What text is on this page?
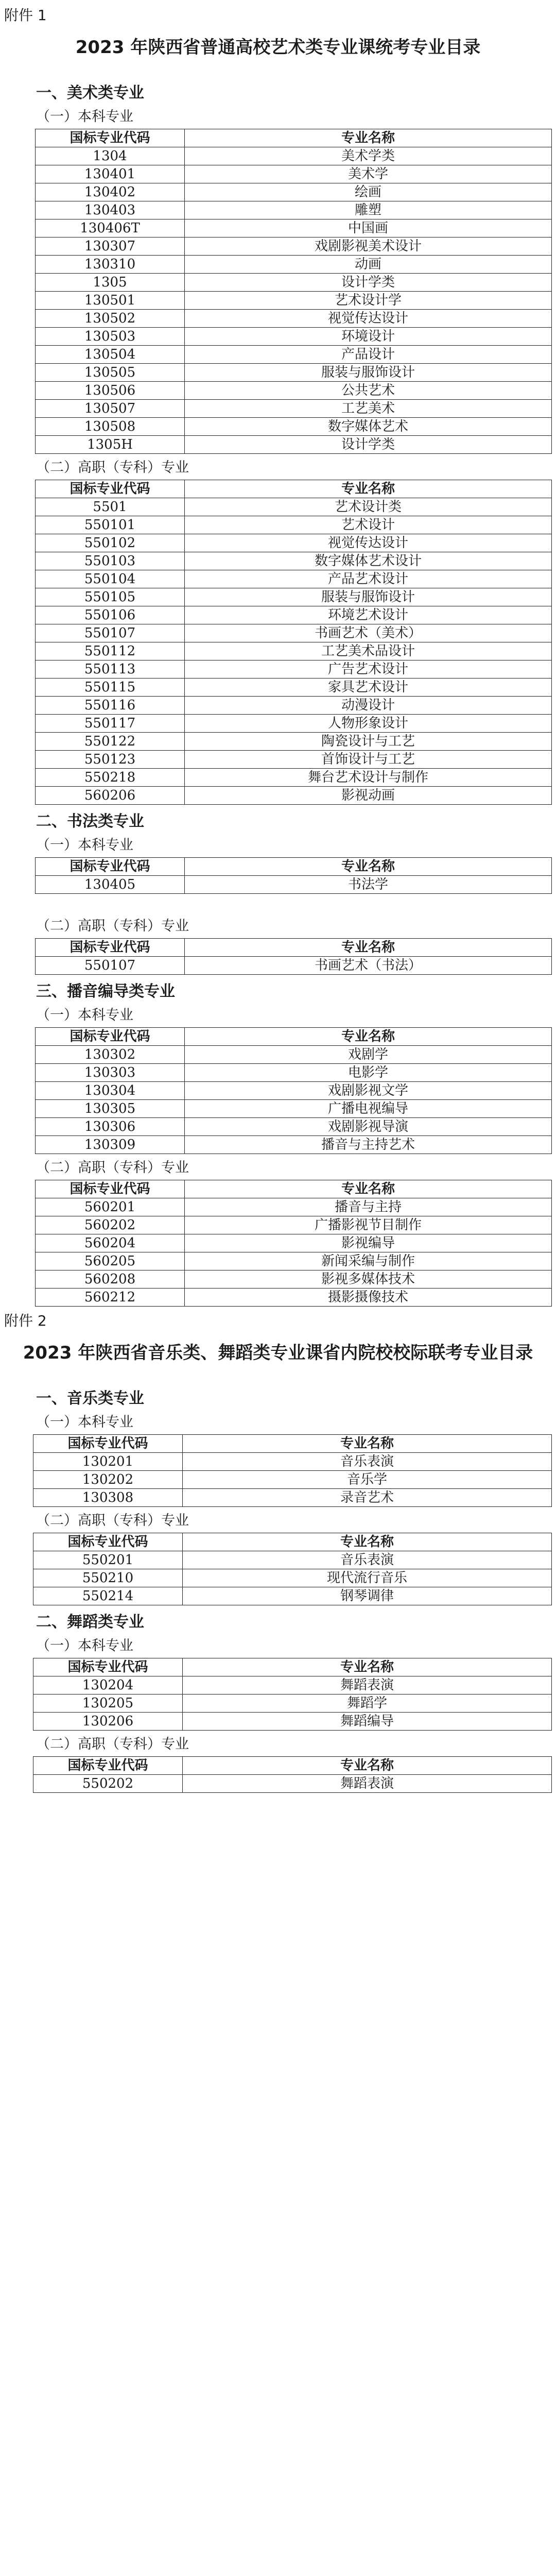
附件 1
2023 年陕西省普通高校艺术类专业课统考专业目录
一、美术类专业
（一）本科专业
国标专业代码	专业名称
1304	美术学类
130401	美术学
130402	绘画
130403	雕塑
130406T	中国画
130307	戏剧影视美术设计
130310	动画
1305	设计学类
130501	艺术设计学
130502	视觉传达设计
130503	环境设计
130504	产品设计
130505	服装与服饰设计
130506	公共艺术
130507	工艺美术
130508	数字媒体艺术
1305H	设计学类
（二）高职（专科）专业
国标专业代码	专业名称
5501	艺术设计类
550101	艺术设计
550102	视觉传达设计
550103	数字媒体艺术设计
550104	产品艺术设计
550105	服装与服饰设计
550106	环境艺术设计
550107	书画艺术（美术）
550112	工艺美术品设计
550113	广告艺术设计
550115	家具艺术设计
550116	动漫设计
550117	人物形象设计
550122	陶瓷设计与工艺
550123	首饰设计与工艺
550218	舞台艺术设计与制作
560206	影视动画
二、书法类专业
（一）本科专业
国标专业代码	专业名称
130405	书法学
（二）高职（专科）专业
国标专业代码	专业名称
550107	书画艺术（书法）
三、播音编导类专业
（一）本科专业
国标专业代码	专业名称
130302	戏剧学
130303	电影学
130304	戏剧影视文学
130305	广播电视编导
130306	戏剧影视导演
130309	播音与主持艺术
（二）高职（专科）专业
国标专业代码	专业名称
560201	播音与主持
560202	广播影视节目制作
560204	影视编导
560205	新闻采编与制作
560208	影视多媒体技术
560212	摄影摄像技术
附件 2
2023 年陕西省音乐类、舞蹈类专业课省内院校校际联考专业目录
一、音乐类专业
（一）本科专业
国标专业代码	专业名称
130201	音乐表演
130202	音乐学
130308	录音艺术
（二）高职（专科）专业
国标专业代码	专业名称
550201	音乐表演
550210	现代流行音乐
550214	钢琴调律
二、舞蹈类专业
（一）本科专业
国标专业代码	专业名称
130204	舞蹈表演
130205	舞蹈学
130206	舞蹈编导
（二）高职（专科）专业
国标专业代码	专业名称
550202	舞蹈表演
